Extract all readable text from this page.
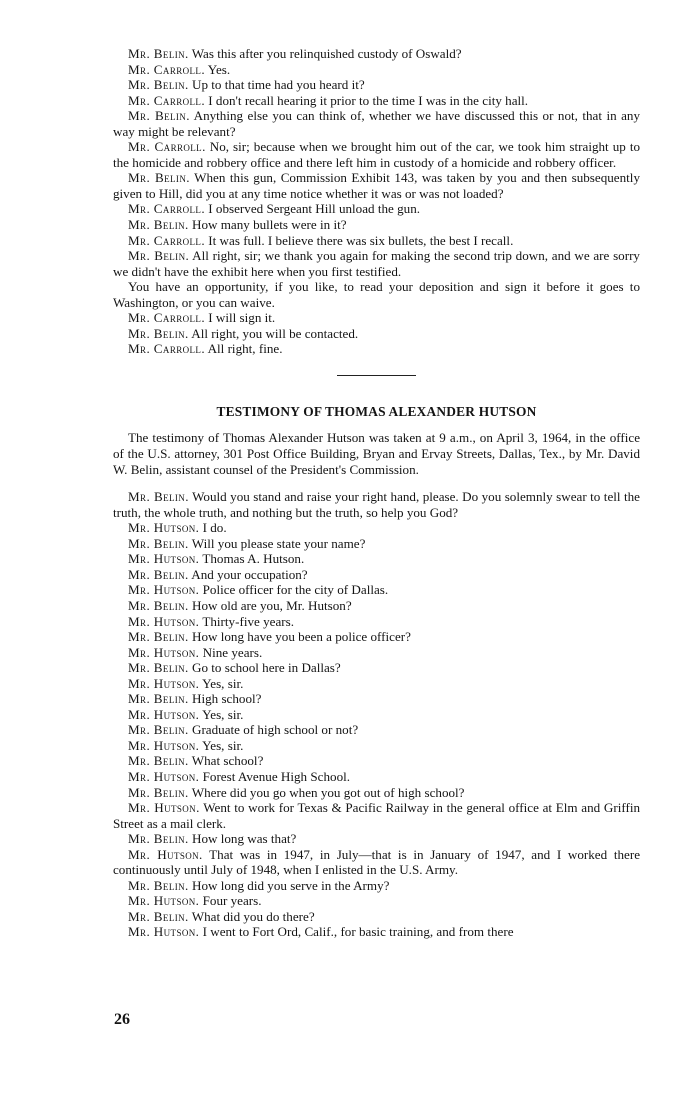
Mr. Belin. Was this after you relinquished custody of Oswald?

Mr. Carroll. Yes.

Mr. Belin. Up to that time had you heard it?

Mr. Carroll. I don't recall hearing it prior to the time I was in the city hall.

Mr. Belin. Anything else you can think of, whether we have discussed this or not, that in any way might be relevant?

Mr. Carroll. No, sir; because when we brought him out of the car, we took him straight up to the homicide and robbery office and there left him in custody of a homicide and robbery officer.

Mr. Belin. When this gun, Commission Exhibit 143, was taken by you and then subsequently given to Hill, did you at any time notice whether it was or was not loaded?

Mr. Carroll. I observed Sergeant Hill unload the gun.

Mr. Belin. How many bullets were in it?

Mr. Carroll. It was full. I believe there was six bullets, the best I recall.

Mr. Belin. All right, sir; we thank you again for making the second trip down, and we are sorry we didn't have the exhibit here when you first testified.

You have an opportunity, if you like, to read your deposition and sign it before it goes to Washington, or you can waive.

Mr. Carroll. I will sign it.

Mr. Belin. All right, you will be contacted.

Mr. Carroll. All right, fine.

TESTIMONY OF THOMAS ALEXANDER HUTSON

The testimony of Thomas Alexander Hutson was taken at 9 a.m., on April 3, 1964, in the office of the U.S. attorney, 301 Post Office Building, Bryan and Ervay Streets, Dallas, Tex., by Mr. David W. Belin, assistant counsel of the President's Commission.

Mr. Belin. Would you stand and raise your right hand, please. Do you solemnly swear to tell the truth, the whole truth, and nothing but the truth, so help you God?

Mr. Hutson. I do.

Mr. Belin. Will you please state your name?

Mr. Hutson. Thomas A. Hutson.

Mr. Belin. And your occupation?

Mr. Hutson. Police officer for the city of Dallas.

Mr. Belin. How old are you, Mr. Hutson?

Mr. Hutson. Thirty-five years.

Mr. Belin. How long have you been a police officer?

Mr. Hutson. Nine years.

Mr. Belin. Go to school here in Dallas?

Mr. Hutson. Yes, sir.

Mr. Belin. High school?

Mr. Hutson. Yes, sir.

Mr. Belin. Graduate of high school or not?

Mr. Hutson. Yes, sir.

Mr. Belin. What school?

Mr. Hutson. Forest Avenue High School.

Mr. Belin. Where did you go when you got out of high school?

Mr. Hutson. Went to work for Texas & Pacific Railway in the general office at Elm and Griffin Street as a mail clerk.

Mr. Belin. How long was that?

Mr. Hutson. That was in 1947, in July—that is in January of 1947, and I worked there continuously until July of 1948, when I enlisted in the U.S. Army.

Mr. Belin. How long did you serve in the Army?

Mr. Hutson. Four years.

Mr. Belin. What did you do there?

Mr. Hutson. I went to Fort Ord, Calif., for basic training, and from there

26
